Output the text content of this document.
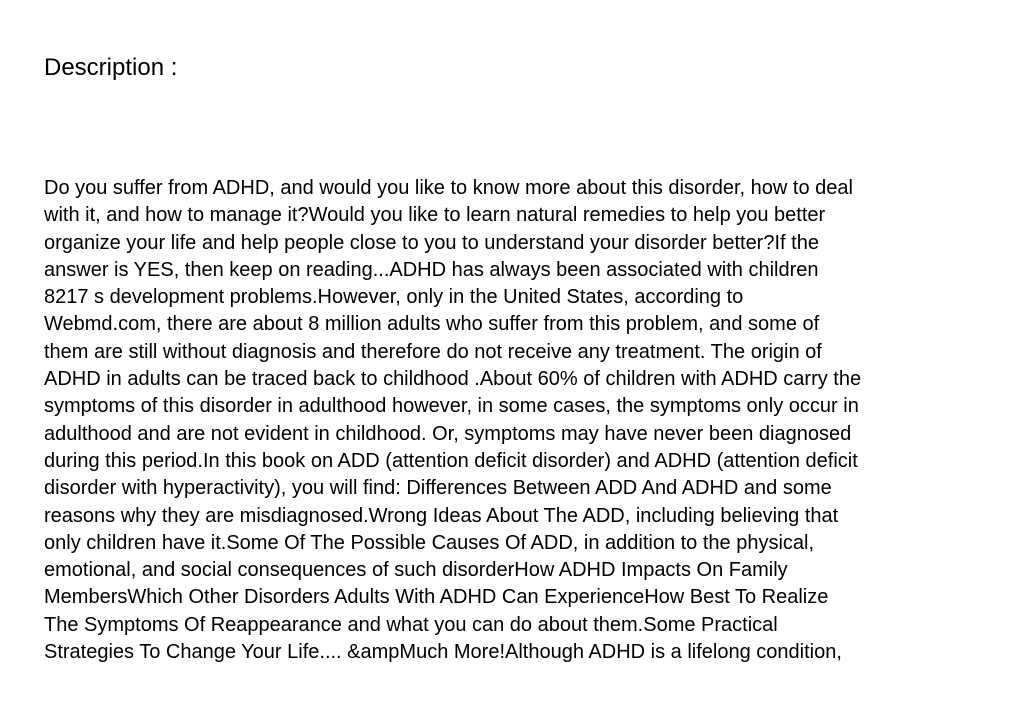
Description :
Do you suffer from ADHD, and would you like to know more about this disorder, how to deal
with it, and how to manage it?Would you like to learn natural remedies to help you better
organize your life and help people close to you to understand your disorder better?If the
answer is YES, then keep on reading...ADHD has always been associated with children
8217 s development problems.However, only in the United States, according to
Webmd.com, there are about 8 million adults who suffer from this problem, and some of
them are still without diagnosis and therefore do not receive any treatment. The origin of
ADHD in adults can be traced back to childhood .About 60% of children with ADHD carry the
symptoms of this disorder in adulthood however, in some cases, the symptoms only occur in
adulthood and are not evident in childhood. Or, symptoms may have never been diagnosed
during this period.In this book on ADD (attention deficit disorder) and ADHD (attention deficit
disorder with hyperactivity), you will find: Differences Between ADD And ADHD and some
reasons why they are misdiagnosed.Wrong Ideas About The ADD, including believing that
only children have it.Some Of The Possible Causes Of ADD, in addition to the physical,
emotional, and social consequences of such disorderHow ADHD Impacts On Family
MembersWhich Other Disorders Adults With ADHD Can ExperienceHow Best To Realize
The Symptoms Of Reappearance and what you can do about them.Some Practical
Strategies To Change Your Life.... &ampMuch More!Although ADHD is a lifelong condition,
